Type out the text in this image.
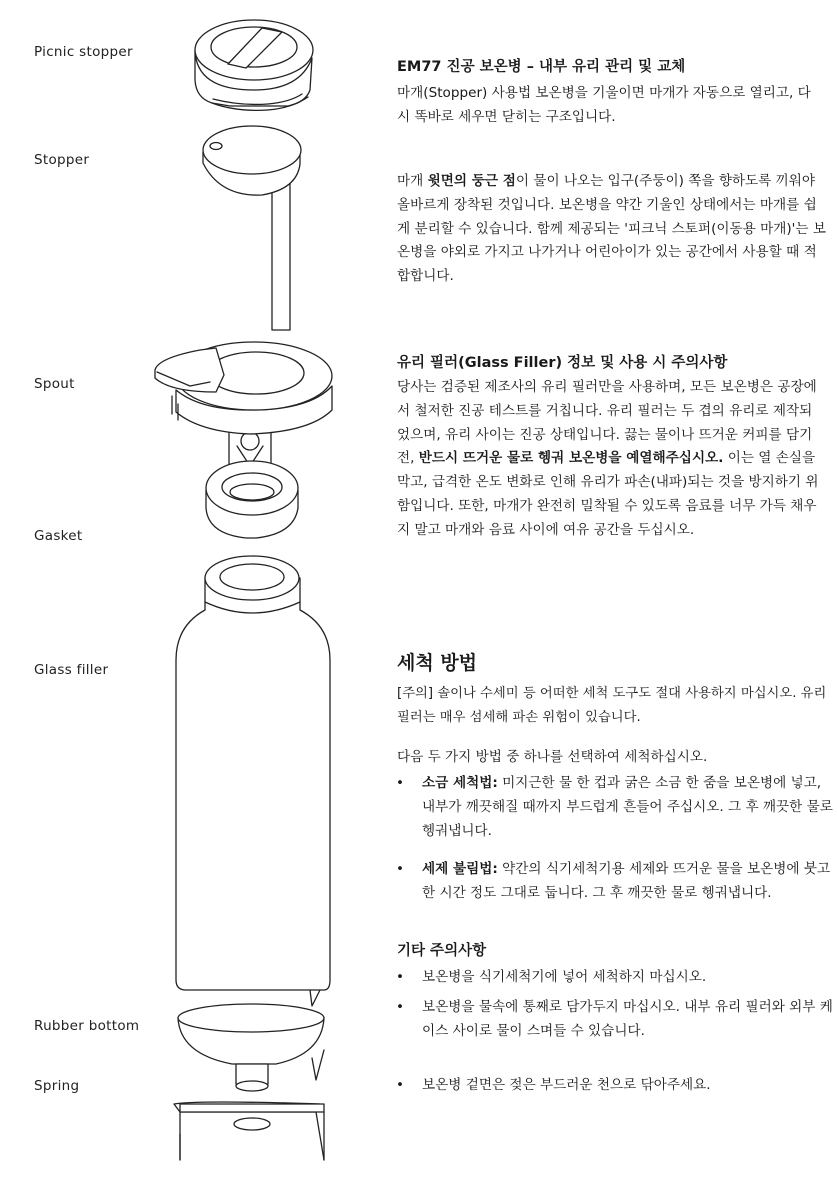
Picnic stopper
Stopper
Spout
Gasket
Glass filler
Rubber bottom
Spring
EM77 진공 보온병 – 내부 유리 관리 및 교체
마개(Stopper) 사용법 보온병을 기울이면 마개가 자동으로 열리고, 다시 똑바로 세우면 닫히는 구조입니다.
마개 윗면의 둥근 점이 물이 나오는 입구(주둥이) 쪽을 향하도록 끼워야 올바르게 장착된 것입니다. 보온병을 약간 기울인 상태에서는 마개를 쉽게 분리할 수 있습니다. 함께 제공되는 '피크닉 스토퍼(이동용 마개)'는 보온병을 야외로 가지고 나가거나 어린아이가 있는 공간에서 사용할 때 적합합니다.
유리 필러(Glass Filler) 정보 및 사용 시 주의사항
당사는 검증된 제조사의 유리 필러만을 사용하며, 모든 보온병은 공장에서 철저한 진공 테스트를 거칩니다. 유리 필러는 두 겹의 유리로 제작되었으며, 유리 사이는 진공 상태입니다. 끓는 물이나 뜨거운 커피를 담기 전, 반드시 뜨거운 물로 헹궈 보온병을 예열해주십시오. 이는 열 손실을 막고, 급격한 온도 변화로 인해 유리가 파손(내파)되는 것을 방지하기 위함입니다. 또한, 마개가 완전히 밀착될 수 있도록 음료를 너무 가득 채우지 말고 마개와 음료 사이에 여유 공간을 두십시오.
세척 방법
[주의] 솔이나 수세미 등 어떠한 세척 도구도 절대 사용하지 마십시오. 유리 필러는 매우 섬세해 파손 위험이 있습니다.
다음 두 가지 방법 중 하나를 선택하여 세척하십시오.
• 소금 세척법: 미지근한 물 한 컵과 굵은 소금 한 줌을 보온병에 넣고, 내부가 깨끗해질 때까지 부드럽게 흔들어 주십시오. 그 후 깨끗한 물로 헹궈냅니다.
• 세제 불림법: 약간의 식기세척기용 세제와 뜨거운 물을 보온병에 붓고 한 시간 정도 그대로 둡니다. 그 후 깨끗한 물로 헹궈냅니다.
기타 주의사항
• 보온병을 식기세척기에 넣어 세척하지 마십시오.
• 보온병을 물속에 통째로 담가두지 마십시오. 내부 유리 필러와 외부 케이스 사이로 물이 스며들 수 있습니다.
• 보온병 겉면은 젖은 부드러운 천으로 닦아주세요.
